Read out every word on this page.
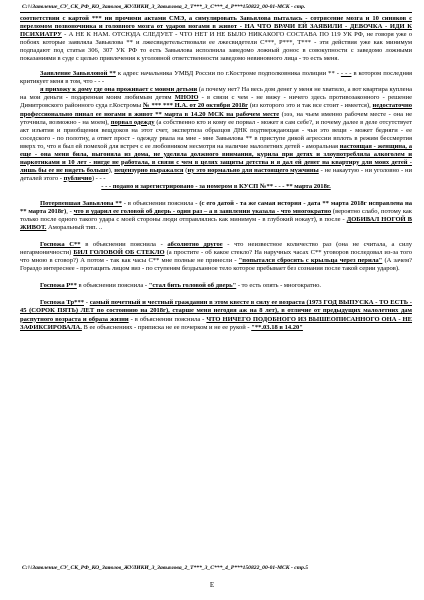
C:\\\Заявление_СУ_СК_РФ_КО_Заявлов_ЖУЛИКИ_3_Завьялова_2_Т***_3_С***_4_Р***150822_00-01-МСК - стр.

соответствии с картой *** ни прочими актами СМЭ, а симулировать Завьялова пыталась - сотрясение мозга и 10 синяков с переломом позвоночника и головного мозга от ударов ногами в живот - НА ЧТО ВРАЧИ ЕЙ ЗАЯВИЛИ - ДЕВОЧКА - ИДИ К ПСИХИАТРУ - А НЕ К НАМ. ОТСЮДА СЛЕДУЕТ - ЧТО НЕТ И НЕ БЫЛО НИКАКОГО СОСТАВА ПО 119 УК РФ, не говоря уже о побоях которые заявляла Завьялова ** и лжесвидетельствовали ее лжесвидетели С***, Р***, Т*** - эти действия уже как минимум подпадают под статьи 306, 307 УК РФ то есть Завьялова исполнила заведомо ложный донос в совокупности с заведомо ложными показаниями в суде с целью привлечения к уголовной ответственности заведомо невиновного лица - то есть меня.

Заявление Завьяловой ** к адрес начальника УМВД России по г.Костроме подполковника полиции ** - - - - в котором последняя критикует меня в том, что - - -

я прихожу к дому где она проживает с моими детьми (а почему нет? На весь дом денег у меня не хватило, а вот квартира куплена на мои деньги - подаренная моим любимым детям МНОЮ - в связи с чем - не вижу - ничего здесь противозаконного - решение Димитровского районного суда г.Костромы № *** *** Н.А. от 20 октября 2018г (из которого это и так все стоит - имеется), недостаточно профессионально пинал ее ногами в живот ** марта в 14.20 МСК на рабочем месте (эээ, на чьем именно рабочем месте - она не уточнила, возможно - на моем), порвал одежду (а собственно кто и кому ее порвал - может я сам себе?, и почему далее в деле отсутствует акт изъятия и приобщения вещдоков на этот счет, экспертиза образцов ДНК подтверждающая - чьи это вещи - может бедняги - ее соседского - по полотну, а ответ прост - одежду рвала на мне - мне Завьялова ** в приступе дикой агрессии вплоть в режим бессмертия вверх то, что я был ей помехой для встреч с ее любовником несмотря на наличие малолетних детей - аморальная настоящая - женщина, а еще - она меня била, выгоняла из дома, не уделяла должного внимания, курила при детях и злоупотребляла алкоголем и наркотиками и 10 лет - нигде не работала, в связи с чем в целях защиты детства и я дал ей денег на квартиру для моих детей - лишь бы ее не видеть больше), нецензурно выражался (ну это нормально для настоящего мужчины - не накаутую - ни уголовно - ни деталей этого - публично) - - -

- - - подано и зарегистрировано - за номером в КУСП №** - - - ** марта 2018г.

Потерпевшая Завьялова ** - в объяснении пояснила - (с его датой - та же самая история - дата ** марта 2018г исправлена на ** марта 2018г), - что я ударил ее головой об дверь - один раз – а в заявлении указала - что многократно (вероятно слабо, потому как только после одного такого удара с моей стороны люди отправлялись как минимум - в глубокий нокаут), в после - ДОБИВАЛ НОГОЙ В ЖИВОТ. Аморальный тип. ..

Госпожа С** в объяснении пояснила - абсолютно другое - что неизвестное количество раз (она не считала, а силу негармоничности) БИЛ ГОЛОВОЙ ОБ СТЕКЛО (а простите - об какое стекло? На наручных часах С** уговоров последовал из-за того что мною в сговор?) А потом - так как часы С** мне полные не принесли - "попытался сбросить с крыльца через перила" (А зачем? Гораздо интереснее - протащить лицом виз - по ступеням бездыханное тело которое пребывает без сознания после такой серии ударов).

Госпожа Р** в объяснении пояснила - "стал бить головой об дверь" - то есть опять - многократно.

Госпожа Тр*** - самый почетный и честный гражданин в этом квесте в силу ее возраста (1973 ГОД ВЫПУСКА - ТО ЕСТЬ - 45 (СОРОК ПЯТЬ) ЛЕТ по состоянию на 2018г), старше меня негодяя аж на 8 лет), в отличие от предыдущих малолетних дам распутного возраста и образа жизни - в объяснении пояснила - ЧТО НИЧЕГО ПОДОБНОГО ИЗ ВЫШЕОПИСАННОГО ОНА - НЕ ЗАФИКСИРОВАЛА. В ее объяснениях - приписка не ее почерком и не ее рукой - "**.03.18 в 14.20"

C:\\\Заявление_СУ_СК_РФ_КО_Заявлов_ЖУЛИКИ_3_Завьялова_2_Т***_3_С***_4_Р***150822_00-01-МСК - стр.5
E
